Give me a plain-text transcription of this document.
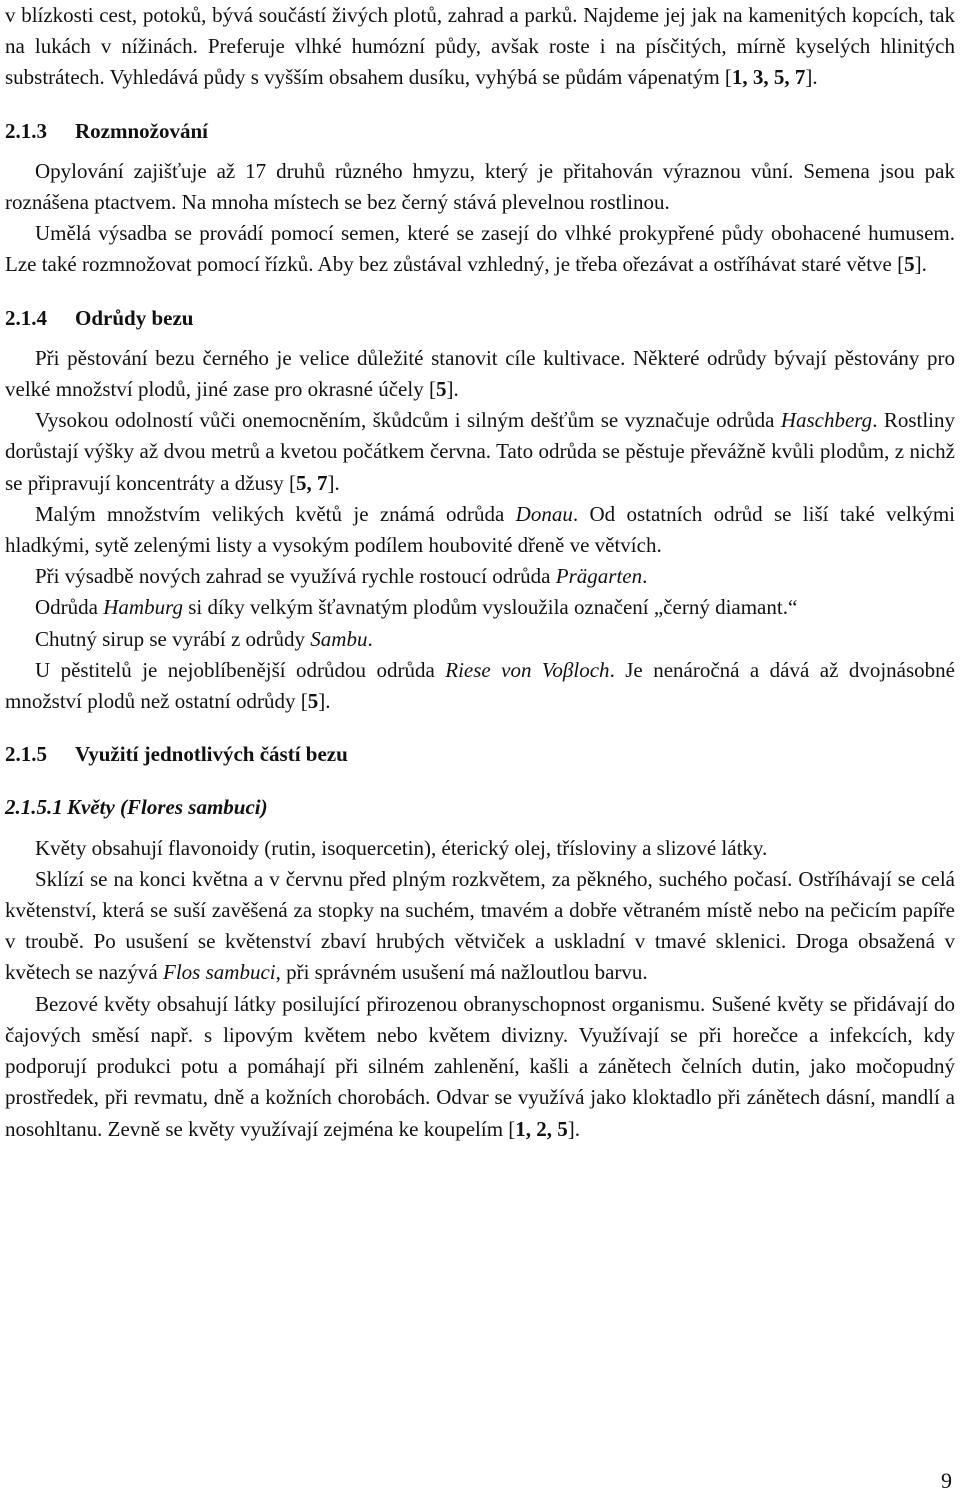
v blízkosti cest, potoků, bývá součástí živých plotů, zahrad a parků. Najdeme jej jak na kamenitých kopcích, tak na lukách v nížinách. Preferuje vlhké humózní půdy, avšak roste i na písčitých, mírně kyselých hlinitých substrátech. Vyhledává půdy s vyšším obsahem dusíku, vyhýbá se půdám vápenatým [1, 3, 5, 7].

2.1.3 Rozmnožování

Opylování zajišťuje až 17 druhů různého hmyzu, který je přitahován výraznou vůní. Semena jsou pak roznášena ptactvem. Na mnoha místech se bez černý stává plevelnou rostlinou.

Umělá výsadba se provádí pomocí semen, které se zasejí do vlhké prokypřené půdy obohacené humusem. Lze také rozmnožovat pomocí řízků. Aby bez zůstával vzhledný, je třeba ořezávat a ostříhávat staré větve [5].

2.1.4 Odrůdy bezu

Při pěstování bezu černého je velice důležité stanovit cíle kultivace. Některé odrůdy bývají pěstovány pro velké množství plodů, jiné zase pro okrasné účely [5].

Vysokou odolností vůči onemocněním, škůdcům i silným dešťům se vyznačuje odrůda Haschberg. Rostliny dorůstají výšky až dvou metrů a kvetou počátkem června. Tato odrůda se pěstuje převážně kvůli plodům, z nichž se připravují koncentráty a džusy [5, 7].

Malým množstvím velikých květů je známá odrůda Donau. Od ostatních odrůd se liší také velkými hladkými, sytě zelenými listy a vysokým podílem houbovité dřeně ve větvích.

Při výsadbě nových zahrad se využívá rychle rostoucí odrůda Prägarten.

Odrůda Hamburg si díky velkým šťavnatým plodům vysloužila označení „černý diamant.“

Chutný sirup se vyrábí z odrůdy Sambu.

U pěstitelů je nejoblíbenější odrůdou odrůda Riese von Voβloch. Je nenáročná a dává až dvojnásobné množství plodů než ostatní odrůdy [5].

2.1.5 Využití jednotlivých částí bezu
2.1.5.1  Květy (Flores sambuci)

Květy obsahují flavonoidy (rutin, isoquercetin), éterický olej, třísloviny a slizové látky.

Sklízí se na konci května a v červnu před plným rozkvětem, za pěkného, suchého počasí. Ostříhávají se celá květenství, která se suší zavěšená za stopky na suchém, tmavém a dobře větraném místě nebo na pečicím papíře v troubě. Po usušení se květenství zbaví hrubých větviček a uskladní v tmavé sklenici. Droga obsažená v květech se nazývá Flos sambuci, při správném usušení má nažloutlou barvu.

Bezové květy obsahují látky posilující přirozenou obranyschopnost organismu. Sušené květy se přidávají do čajových směsí např. s lipovým květem nebo květem divizny. Využívají se při horečce a infekcích, kdy podporují produkci potu a pomáhají při silném zahlenění, kašli a zánětech čelních dutin, jako močopudný prostředek, při revmatu, dně a kožních chorobách. Odvar se využívá jako kloktadlo při zánětech dásní, mandlí a nosohltanu. Zevně se květy využívají zejména ke koupelím [1, 2, 5].

9
